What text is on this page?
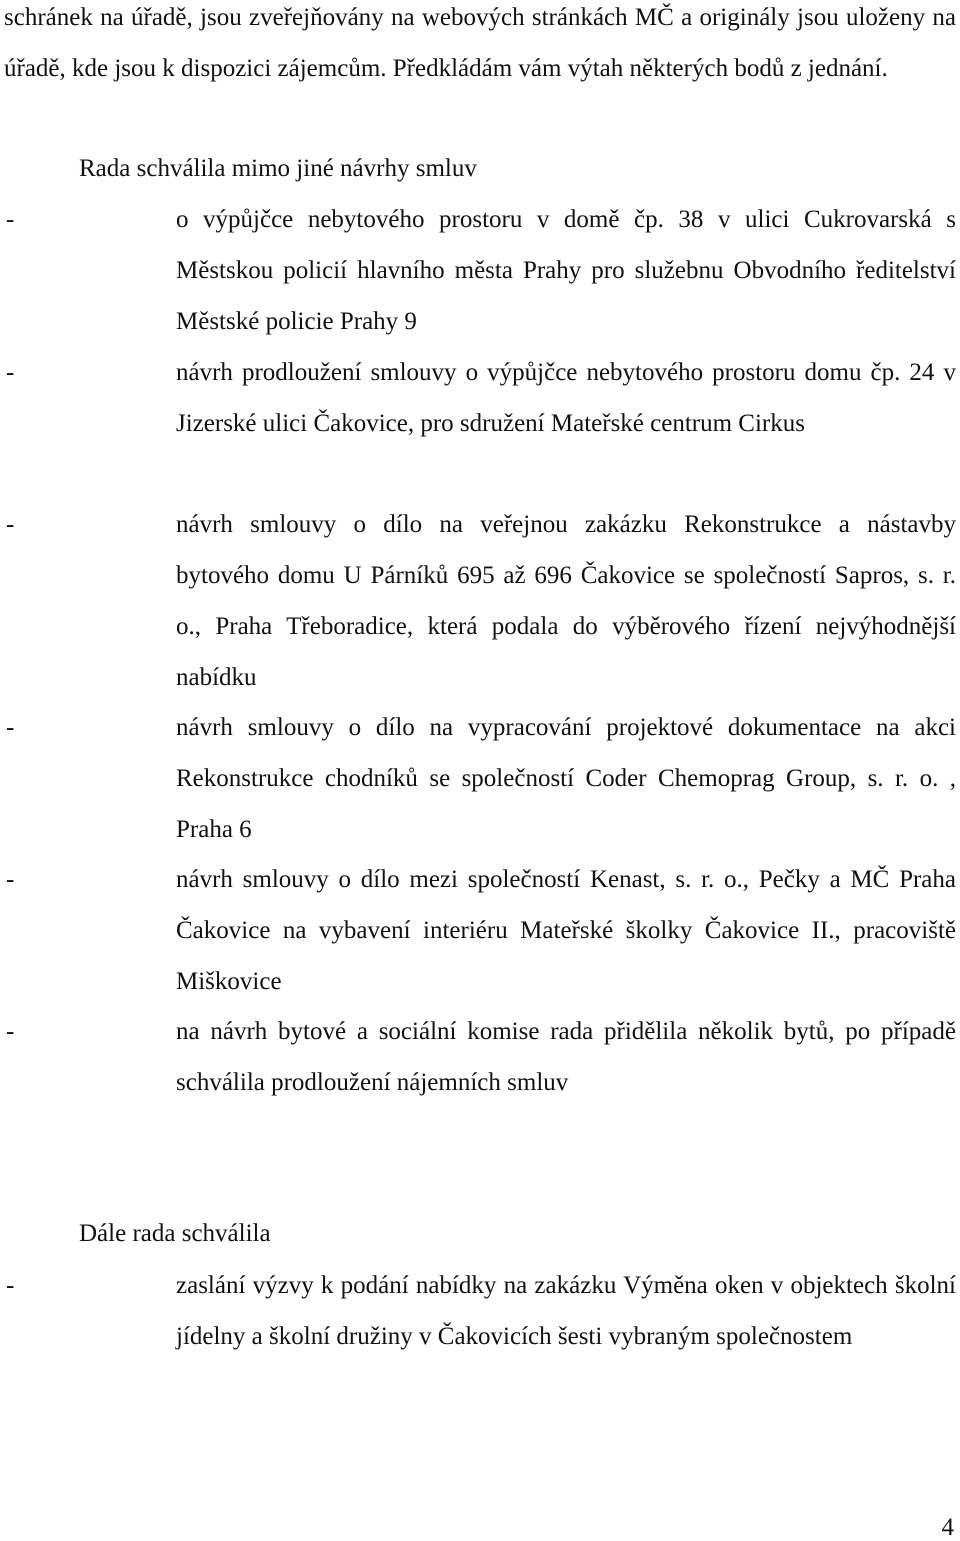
schránek na úřadě, jsou zveřejňovány na webových stránkách MČ a originály jsou uloženy na úřadě, kde jsou k dispozici zájemcům. Předkládám vám výtah některých bodů z jednání.
Rada schválila mimo jiné návrhy smluv
-	o výpůjčce nebytového prostoru v domě čp. 38 v ulici Cukrovarská s Městskou policií hlavního města Prahy pro služebnu Obvodního ředitelství Městské policie Prahy 9
-	návrh prodloužení smlouvy o výpůjčce nebytového prostoru domu čp. 24 v Jizerské ulici Čakovice, pro sdružení Mateřské centrum Cirkus
-	návrh smlouvy o dílo na veřejnou zakázku Rekonstrukce a nástavby bytového domu U Párníků 695 až 696 Čakovice se společností Sapros, s. r. o., Praha Třeboradice, která podala do výběrového řízení nejvýhodnější nabídku
-	návrh smlouvy o dílo na vypracování projektové dokumentace na akci Rekonstrukce chodníků se společností Coder Chemoprag Group, s. r. o. , Praha 6
-	návrh smlouvy o dílo mezi společností Kenast, s. r. o., Pečky a MČ Praha Čakovice na vybavení interiéru Mateřské školky Čakovice II., pracoviště Miškovice
-	na návrh bytové a sociální komise rada přidělila několik bytů, po případě schválila prodloužení nájemních smluv
Dále rada schválila
-	zaslání výzvy k podání nabídky na zakázku Výměna oken v objektech školní jídelny a školní družiny v Čakovicích šesti vybraným společnostem
4
